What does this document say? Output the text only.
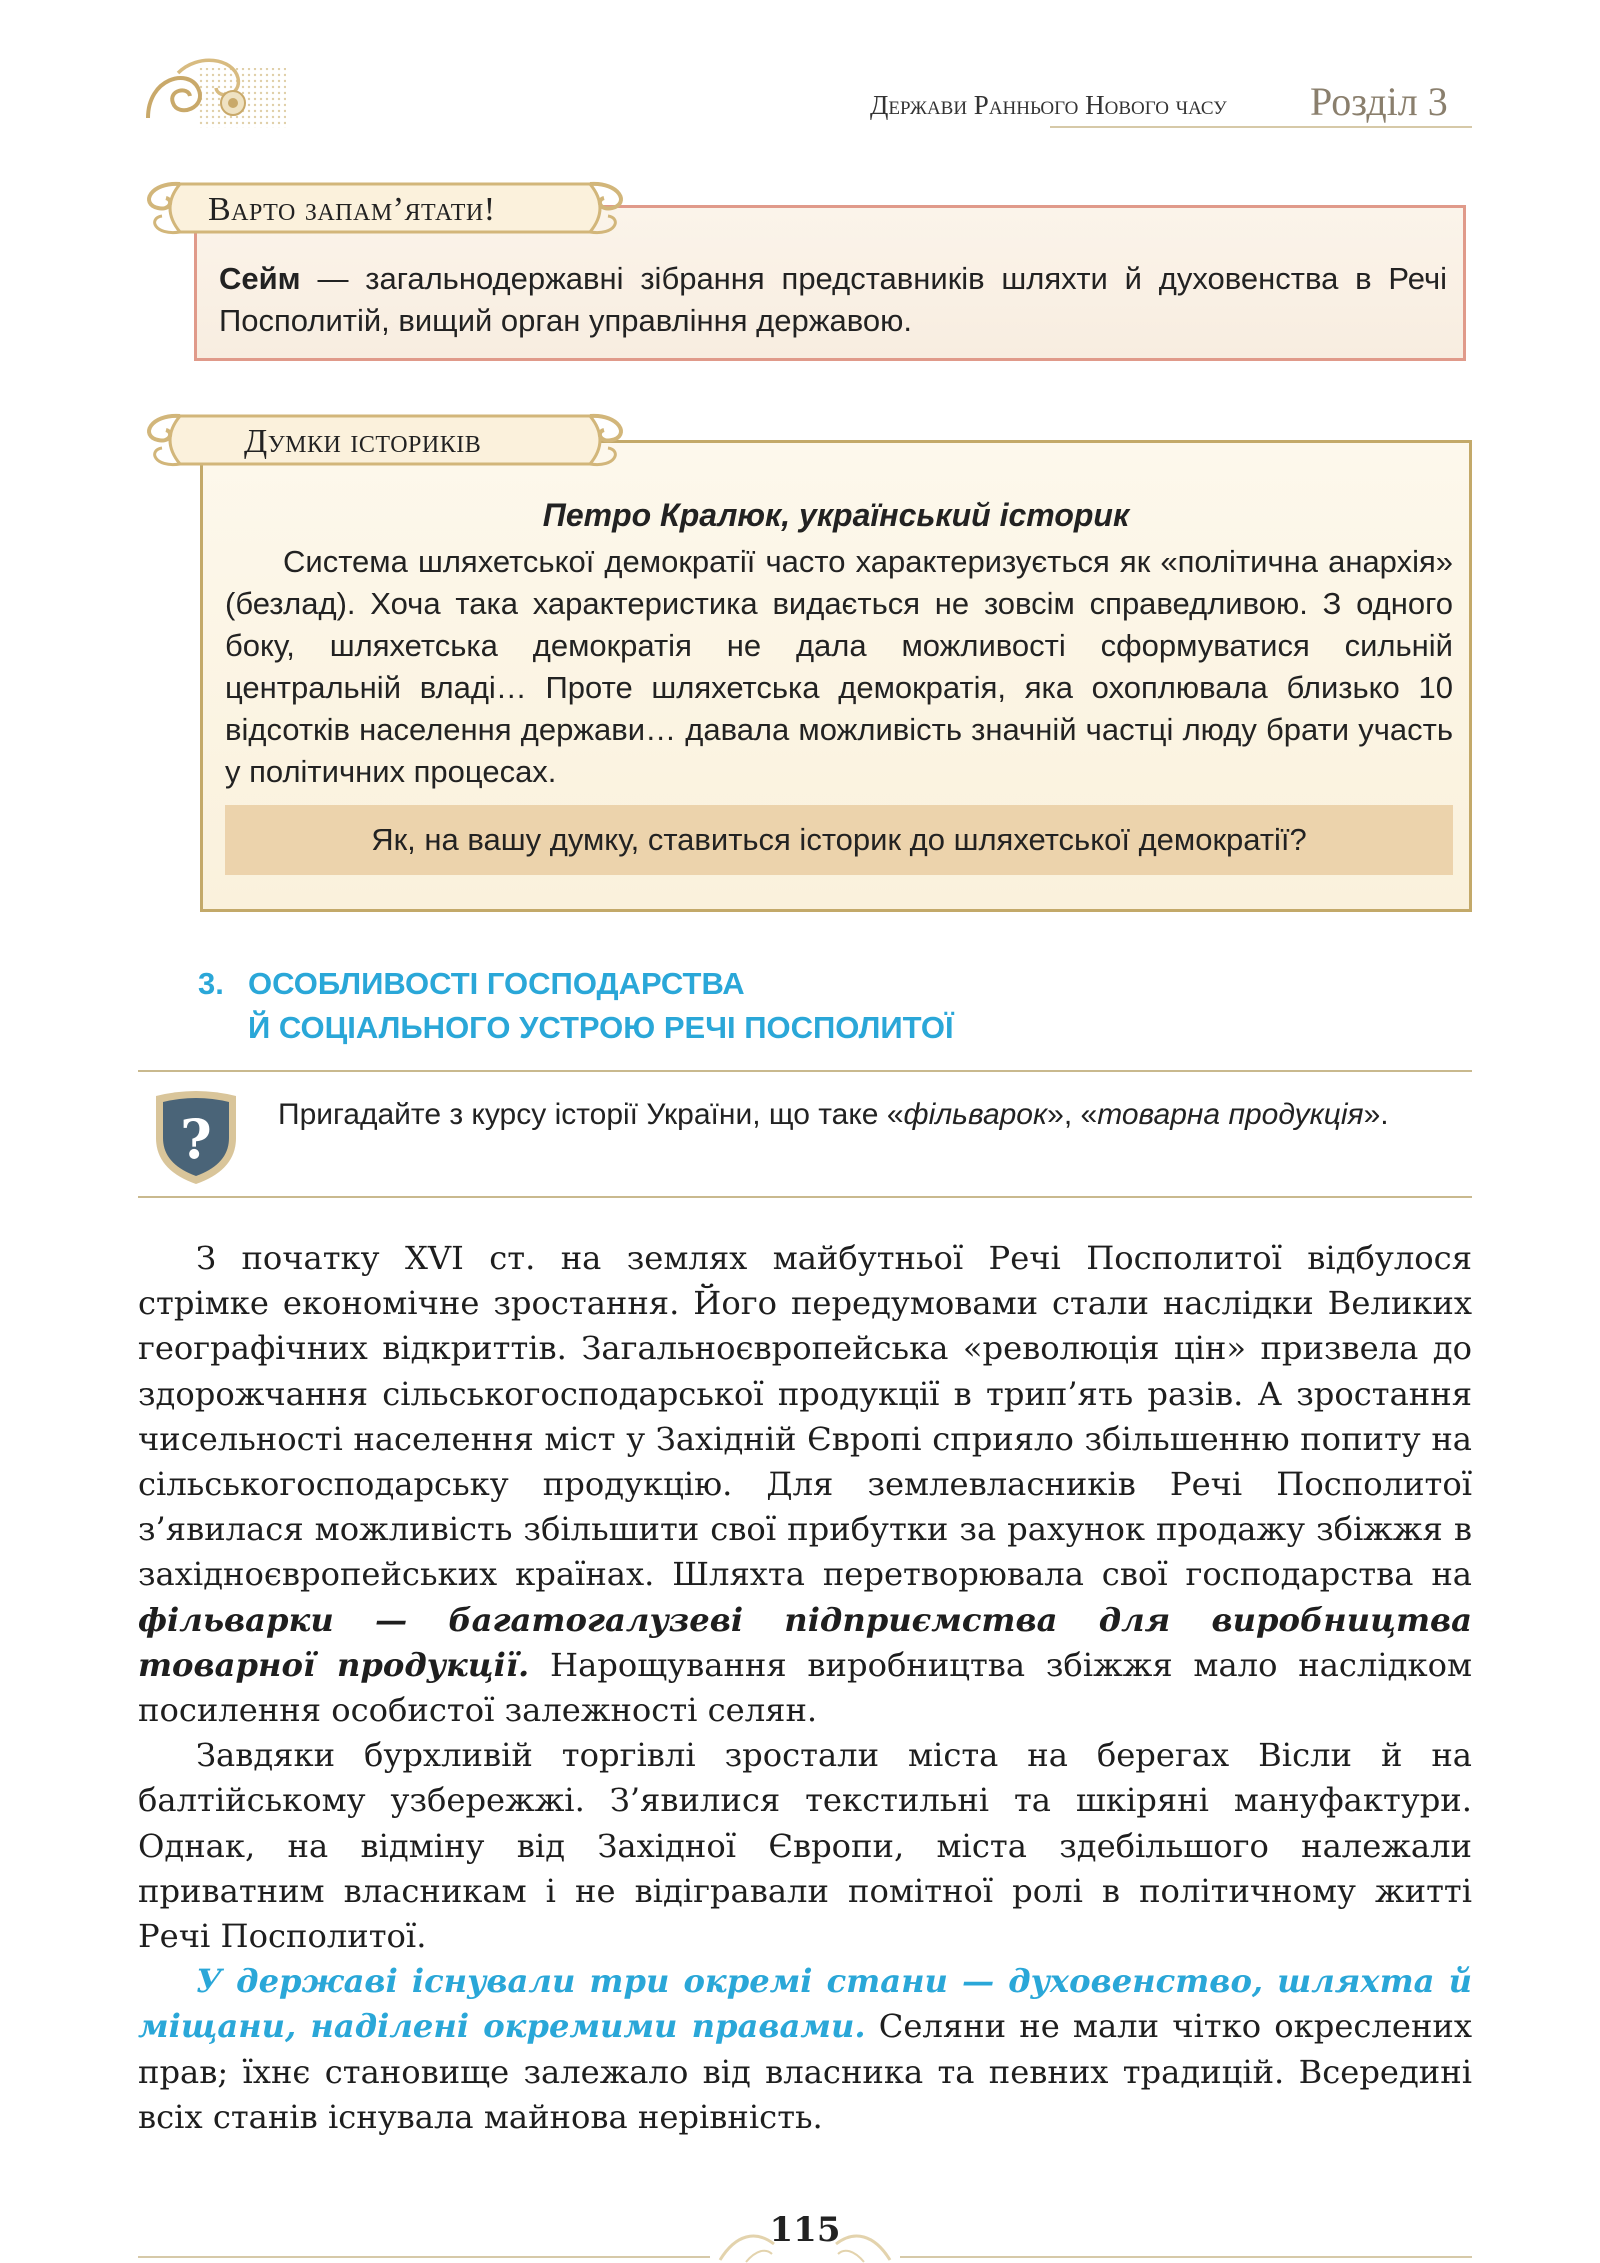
Держави Раннього Нового часу Розділ 3
Сейм — загальнодержавні зібрання представників шляхти й духовенства в Речі Посполитій, вищий орган управління державою.
Варто запам’ятати!
Петро Кралюк, український історик
Система шляхетської демократії часто характеризується як «політична анархія» (безлад). Хоча така характеристика видається не зовсім справедливою. З одного боку, шляхетська демократія не дала можливості сформуватися сильній центральній владі… Проте шляхетська демократія, яка охоплювала близько 10 відсотків населення держави… давала можливість значній частці люду брати участь у політичних процесах.
Як, на вашу думку, ставиться історик до шляхетської демократії?
Думки істориків
3. ОСОБЛИВОСТІ ГОСПОДАРСТВА
Й СОЦІАЛЬНОГО УСТРОЮ РЕЧІ ПОСПОЛИТОЇ
? Пригадайте з курсу історії України, що таке «фільварок», «товарна продукція».

З початку XVI ст. на землях майбутньої Речі Посполитої відбулося стрімке економічне зростання. Його передумовами стали наслідки Великих географічних відкриттів. Загальноєвропейська «революція цін» призвела до здорожчання сільськогосподарської продукції в трип’ять разів. А зростання чисельності населення міст у Західній Європі сприяло збільшенню попиту на сільськогосподарську продукцію. Для землевласників Речі Посполитої з’явилася можливість збільшити свої прибутки за рахунок продажу збіжжя в західноєвропейських країнах. Шляхта перетворювала свої господарства на фільварки — багатогалузеві підприємства для виробництва товарної продукції. Нарощування виробництва збіжжя мало наслідком посилення особистої залежності селян.

Завдяки бурхливій торгівлі зростали міста на берегах Вісли й на балтійському узбережжі. З’явилися текстильні та шкіряні мануфактури. Однак, на відміну від Західної Європи, міста здебільшого належали приватним власникам і не відігравали помітної ролі в політичному житті Речі Посполитої.

У державі існували три окремі стани — духовенство, шляхта й міщани, наділені окремими правами. Селяни не мали чітко окреслених прав; їхнє становище залежало від власника та певних традицій. Всередині всіх станів існувала майнова нерівність.

115
